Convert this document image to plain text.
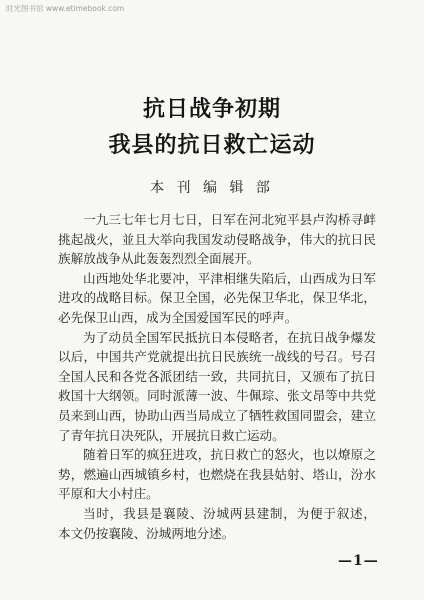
时光图书馆 www.etimebook.com
抗日战争初期
我县的抗日救亡运动
本 刊 编 辑 部
一九三七年七月七日，日军在河北宛平县卢沟桥寻衅
挑起战火，並且大举向我国发动侵略战争，伟大的抗日民
族解放战争从此轰轰烈烈全面展开。
山西地处华北要冲，平津相继失陷后，山西成为日军
进攻的战略目标。保卫全国，必先保卫华北，保卫华北，
必先保卫山西，成为全国爱国军民的呼声。
为了动员全国军民抵抗日本侵略者，在抗日战争爆发
以后，中国共产党就提出抗日民族统一战线的号召。号召
全国人民和各党各派团结一致，共同抗日，又颁布了抗日
救国十大纲领。同时派薄一波、牛佩琮、张文昂等中共党
员来到山西，协助山西当局成立了牺牲救国同盟会，建立
了青年抗日决死队，开展抗日救亡运动。
随着日军的疯狂进攻，抗日救亡的怒火，也以燎原之
势，燃遍山西城镇乡村，也燃烧在我县姑射、塔山，汾水
平原和大小村庄。
当时，我县是襄陵、汾城两县建制，为便于叙述，
本文仍按襄陵、汾城两地分述。
—1—
